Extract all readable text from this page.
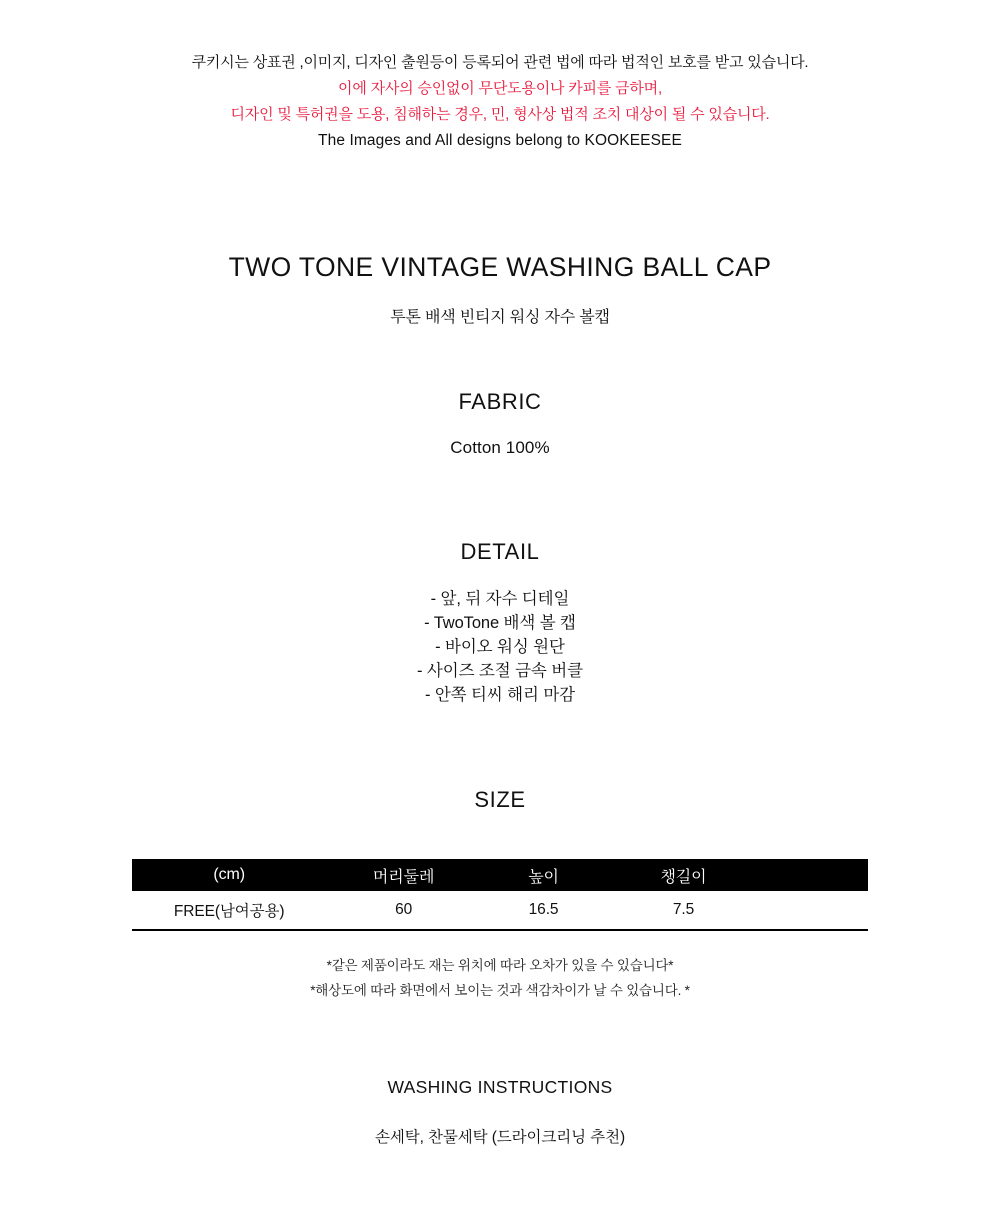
쿠키시는 상표권 ,이미지, 디자인 출원등이 등록되어 관련 법에 따라 법적인 보호를 받고 있습니다.
이에 자사의 승인없이 무단도용이나 카피를 금하며,
디자인 및 특허권을 도용, 침해하는 경우, 민, 형사상 법적 조치 대상이 될 수 있습니다.
The Images and All designs belong to KOOKEESEE
TWO TONE VINTAGE WASHING BALL CAP
투톤 배색 빈티지 워싱 자수 볼캡
FABRIC
Cotton 100%
DETAIL
- 앞, 뒤 자수 디테일
- TwoTone 배색 볼 캡
- 바이오 워싱 원단
- 사이즈 조절 금속 버클
- 안쪽 티씨 해리 마감
SIZE
(cm)	머리둘레	높이	챙길이	
FREE(남여공용)	60	16.5	7.5	
*같은 제품이라도 재는 위치에 따라 오차가 있을 수 있습니다*
*해상도에 따라 화면에서 보이는 것과 색감차이가 날 수 있습니다. *
WASHING INSTRUCTIONS
손세탁, 찬물세탁 (드라이크리닝 추천)
